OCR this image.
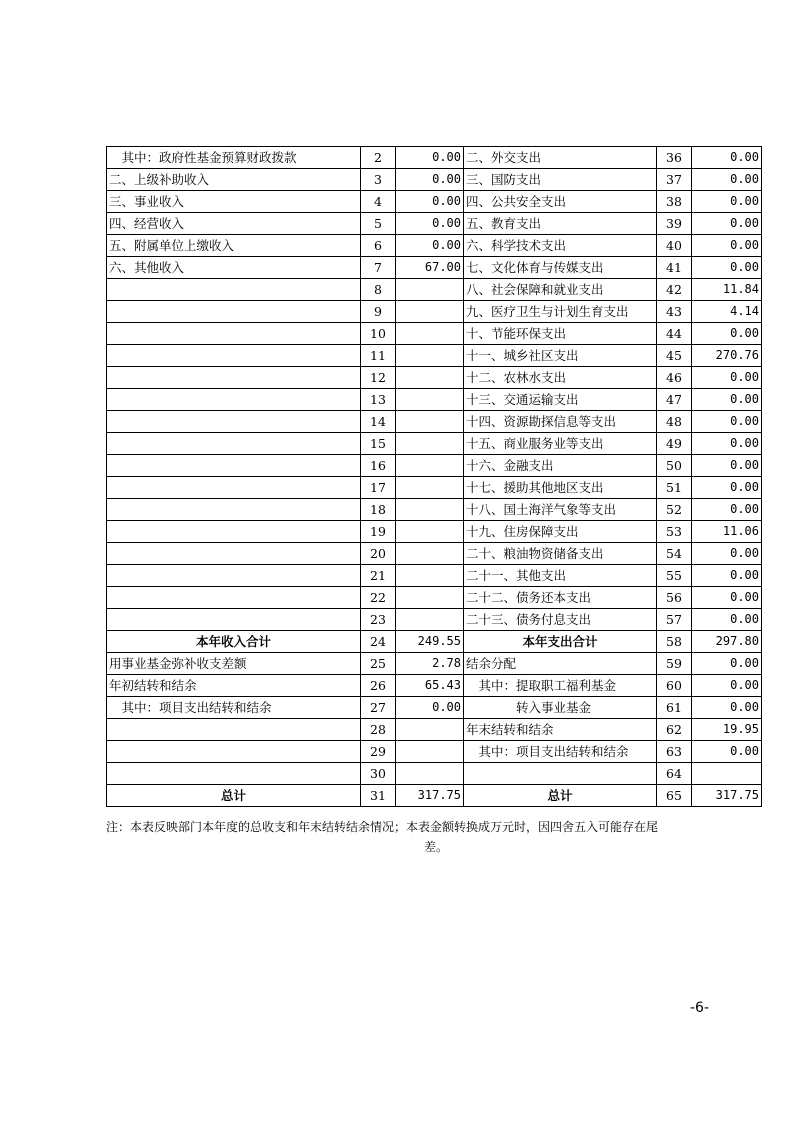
　其中：政府性基金预算财政拨款	2	0.00	二、外交支出	36	0.00
二、上级补助收入	3	0.00	三、国防支出	37	0.00
三、事业收入	4	0.00	四、公共安全支出	38	0.00
四、经营收入	5	0.00	五、教育支出	39	0.00
五、附属单位上缴收入	6	0.00	六、科学技术支出	40	0.00
六、其他收入	7	67.00	七、文化体育与传媒支出	41	0.00
	8		八、社会保障和就业支出	42	11.84
	9		九、医疗卫生与计划生育支出	43	4.14
	10		十、节能环保支出	44	0.00
	11		十一、城乡社区支出	45	270.76
	12		十二、农林水支出	46	0.00
	13		十三、交通运输支出	47	0.00
	14		十四、资源勘探信息等支出	48	0.00
	15		十五、商业服务业等支出	49	0.00
	16		十六、金融支出	50	0.00
	17		十七、援助其他地区支出	51	0.00
	18		十八、国土海洋气象等支出	52	0.00
	19		十九、住房保障支出	53	11.06
	20		二十、粮油物资储备支出	54	0.00
	21		二十一、其他支出	55	0.00
	22		二十二、债务还本支出	56	0.00
	23		二十三、债务付息支出	57	0.00
本年收入合计	24	249.55	本年支出合计	58	297.80
用事业基金弥补收支差额	25	2.78	结余分配	59	0.00
年初结转和结余	26	65.43	　其中：提取职工福利基金	60	0.00
　其中：项目支出结转和结余	27	0.00	　　　　转入事业基金	61	0.00
	28		年末结转和结余	62	19.95
	29		　其中：项目支出结转和结余	63	0.00
	30			64	
总计	31	317.75	总计	65	317.75
注：本表反映部门本年度的总收支和年末结转结余情况；本表金额转换成万元时，因四舍五入可能存在尾
差。
-6-
